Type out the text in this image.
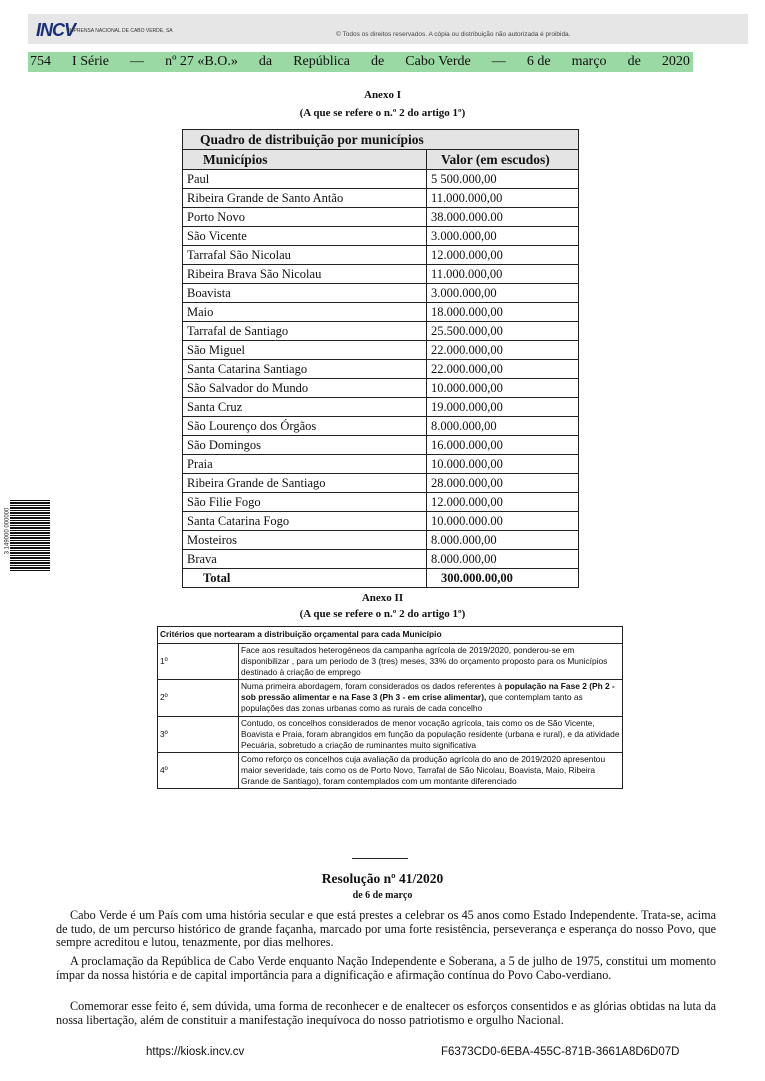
INCV
IMPRENSA NACIONAL DE CABO VERDE, SA	© Todos os direitos reservados. A cópia ou distribuição não autorizada é proibida.
754 I Série — nº 27 «B.O.» da República de Cabo Verde — 6 de março de 2020
3 149000 000000
Anexo I
(A que se refere o n.º 2 do artigo 1º)
Quadro de distribuição por municípios	
Municípios	Valor (em escudos)
Paul	5 500.000,00
Ribeira Grande de Santo Antão	11.000.000,00
Porto Novo	38.000.000.00
São Vicente	3.000.000,00
Tarrafal São Nicolau	12.000.000,00
Ribeira Brava São Nicolau	11.000.000,00
Boavista	3.000.000,00
Maio	18.000.000,00
Tarrafal de Santiago	25.500.000,00
São Miguel	22.000.000,00
Santa Catarina Santiago	22.000.000,00
São Salvador do Mundo	10.000.000,00
Santa Cruz	19.000.000,00
São Lourenço dos Órgãos	8.000.000,00
São Domingos	16.000.000,00
Praia	10.000.000,00
Ribeira Grande de Santiago	28.000.000,00
São Filie Fogo	12.000.000,00
Santa Catarina Fogo	10.000.000.00
Mosteiros	8.000.000,00
Brava	8.000.000,00
Total	300.000.00,00
Anexo II
(A que se refere o n.º 2 do artigo 1º)
Critérios que nortearam a distribuição orçamental para cada Município	
1º	Face aos resultados heterogéneos da campanha agrícola de 2019/2020, ponderou-se em disponibilizar , para um periodo de 3 (tres) meses, 33% do orçamento proposto para os Municípios destinado à criação de emprego
2º	Numa primeira abordagem, foram considerados os dados referentes à população na Fase 2 (Ph 2 - sob pressão alimentar e na Fase 3 (Ph 3 - em crise alimentar), que contemplam tanto as populações das zonas urbanas como as rurais de cada concelho
3º	Contudo, os concelhos considerados de menor vocação agrícola, tais como os de São Vicente, Boavista e Praia, foram abrangidos em função da população residente (urbana e rural), e da atividade Pecuária, sobretudo a criação de ruminantes muito significativa
4º	Como reforço os concelhos cuja avaliação da produção agrícola do ano de 2019/2020 apresentou maior severidade, tais como os de Porto Novo, Tarrafal de São Nicolau, Boavista, Maio, Ribeira Grande de Santiago), foram contemplados com um montante diferenciado
Resolução nº 41/2020
de 6 de março
Cabo Verde é um País com uma história secular e que está prestes a celebrar os 45 anos como Estado Independente. Trata-se, acima de tudo, de um percurso histórico de grande façanha, marcado por uma forte resistência, perseverança e esperança do nosso Povo, que sempre acreditou e lutou, tenazmente, por dias melhores.
A proclamação da República de Cabo Verde enquanto Nação Independente e Soberana, a 5 de julho de 1975, constitui um momento ímpar da nossa história e de capital importância para a dignificação e afirmação contínua do Povo Cabo-verdiano.
Comemorar esse feito é, sem dúvida, uma forma de reconhecer e de enaltecer os esforços consentidos e as glórias obtidas na luta da nossa libertação, além de constituir a manifestação inequívoca do nosso patriotismo e orgulho Nacional.
https://kiosk.incv.cv	F6373CD0-6EBA-455C-871B-3661A8D6D07D
